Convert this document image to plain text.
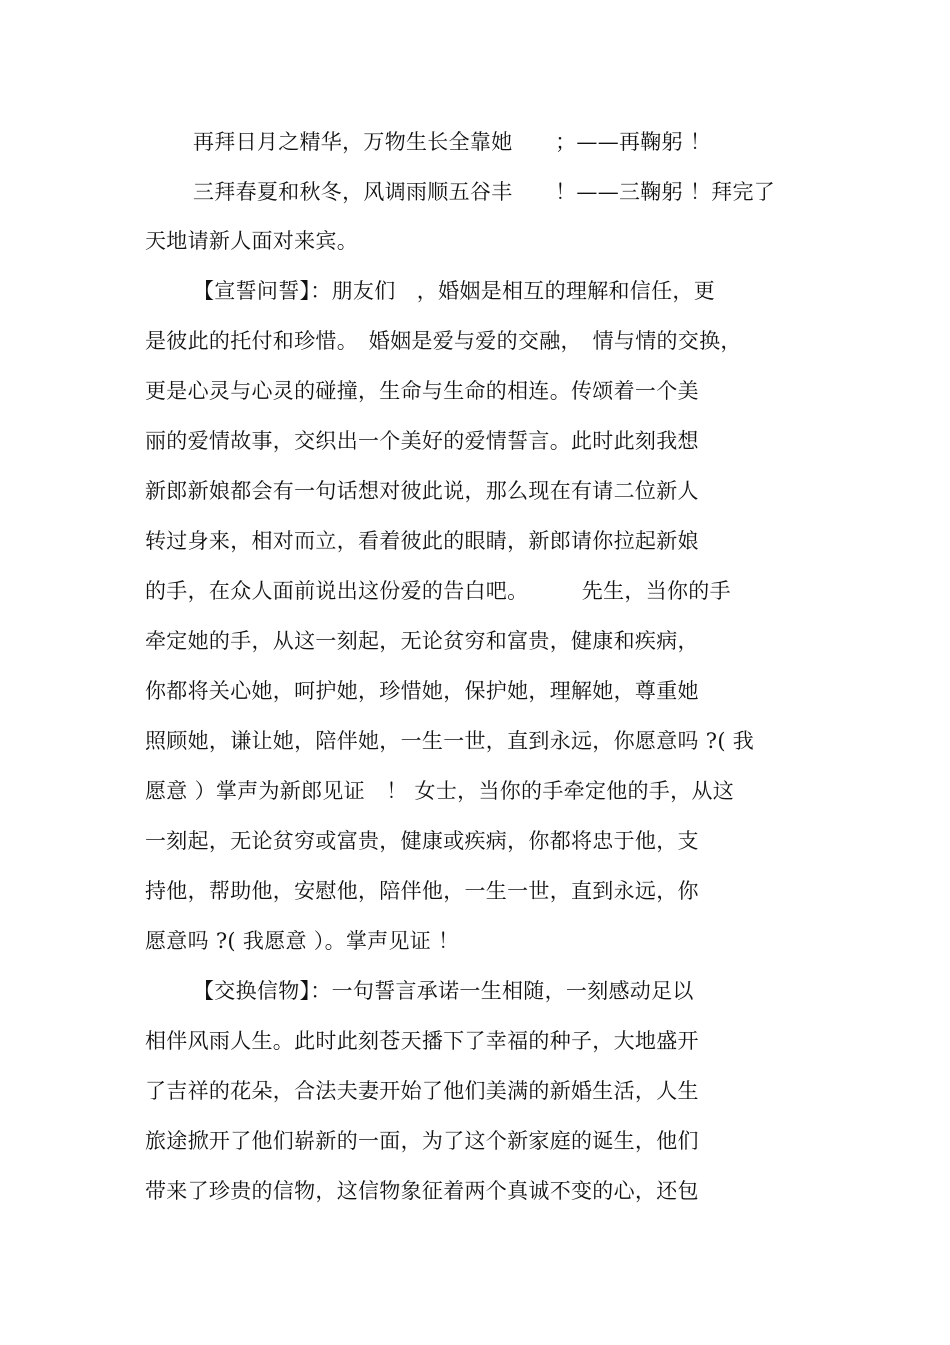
再拜日月之精华，万物生长全靠她　　；——再鞠躬 ！
三拜春夏和秋冬，风调雨顺五谷丰　　！——三鞠躬 ！拜完了
天地请新人面对来宾。
【宣誓问誓】：朋友们　，婚姻是相互的理解和信任，更
是彼此的托付和珍惜。　婚姻是爱与爱的交融，　情与情的交换，
更是心灵与心灵的碰撞，生命与生命的相连。传颂着一个美
丽的爱情故事，交织出一个美好的爱情誓言。此时此刻我想
新郎新娘都会有一句话想对彼此说，那么现在有请二位新人
转过身来，相对而立，看着彼此的眼睛，新郎请你拉起新娘
的手，在众人面前说出这份爱的告白吧。　　　先生，当你的手
牵定她的手，从这一刻起，无论贫穷和富贵，健康和疾病，
你都将关心她，呵护她，珍惜她，保护她，理解她，尊重她
照顾她，谦让她，陪伴她，一生一世，直到永远，你愿意吗 ?( 我
愿意 ）掌声为新郎见证　！ 女士，当你的手牵定他的手，从这
一刻起，无论贫穷或富贵，健康或疾病，你都将忠于他，支
持他，帮助他，安慰他，陪伴他，一生一世，直到永远，你
愿意吗 ?( 我愿意 ）。掌声见证 ！
【交换信物】：一句誓言承诺一生相随，一刻感动足以
相伴风雨人生。此时此刻苍天播下了幸福的种子，大地盛开
了吉祥的花朵，合法夫妻开始了他们美满的新婚生活，人生
旅途掀开了他们崭新的一面，为了这个新家庭的诞生，他们
带来了珍贵的信物，这信物象征着两个真诚不变的心，还包
